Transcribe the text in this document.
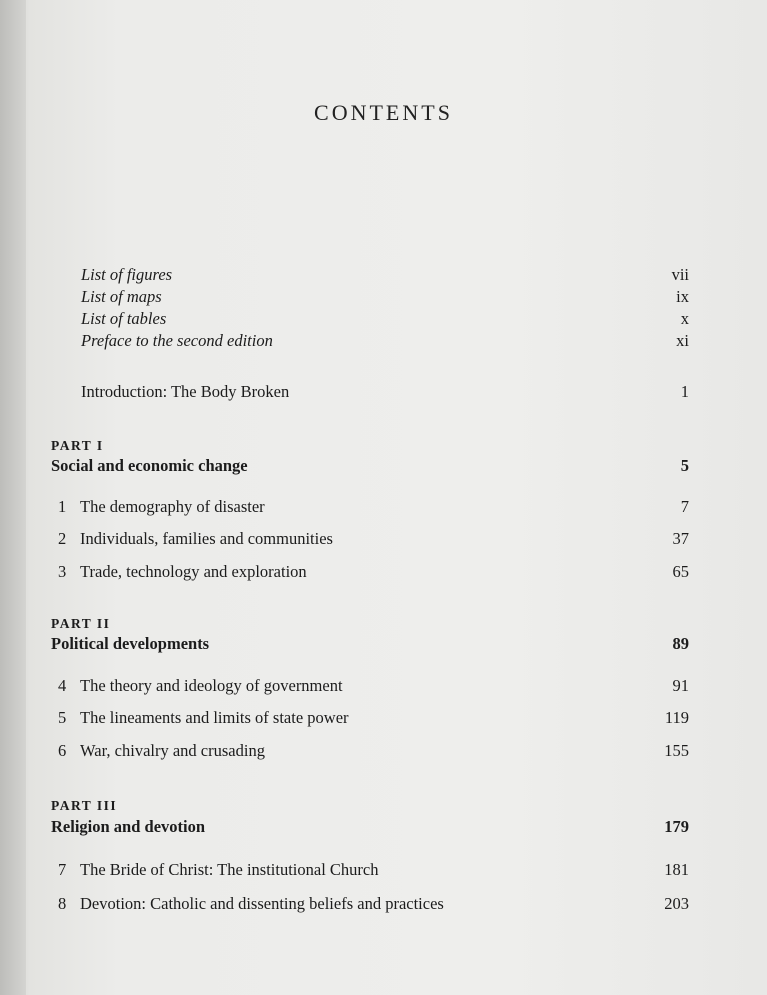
CONTENTS
List of figures	vii
List of maps	ix
List of tables	x
Preface to the second edition	xi
Introduction: The Body Broken	1
PART I
Social and economic change	5
1 The demography of disaster	7
2 Individuals, families and communities	37
3 Trade, technology and exploration	65
PART II
Political developments	89
4 The theory and ideology of government	91
5 The lineaments and limits of state power	119
6 War, chivalry and crusading	155
PART III
Religion and devotion	179
7 The Bride of Christ: The institutional Church	181
8 Devotion: Catholic and dissenting beliefs and practices	203
